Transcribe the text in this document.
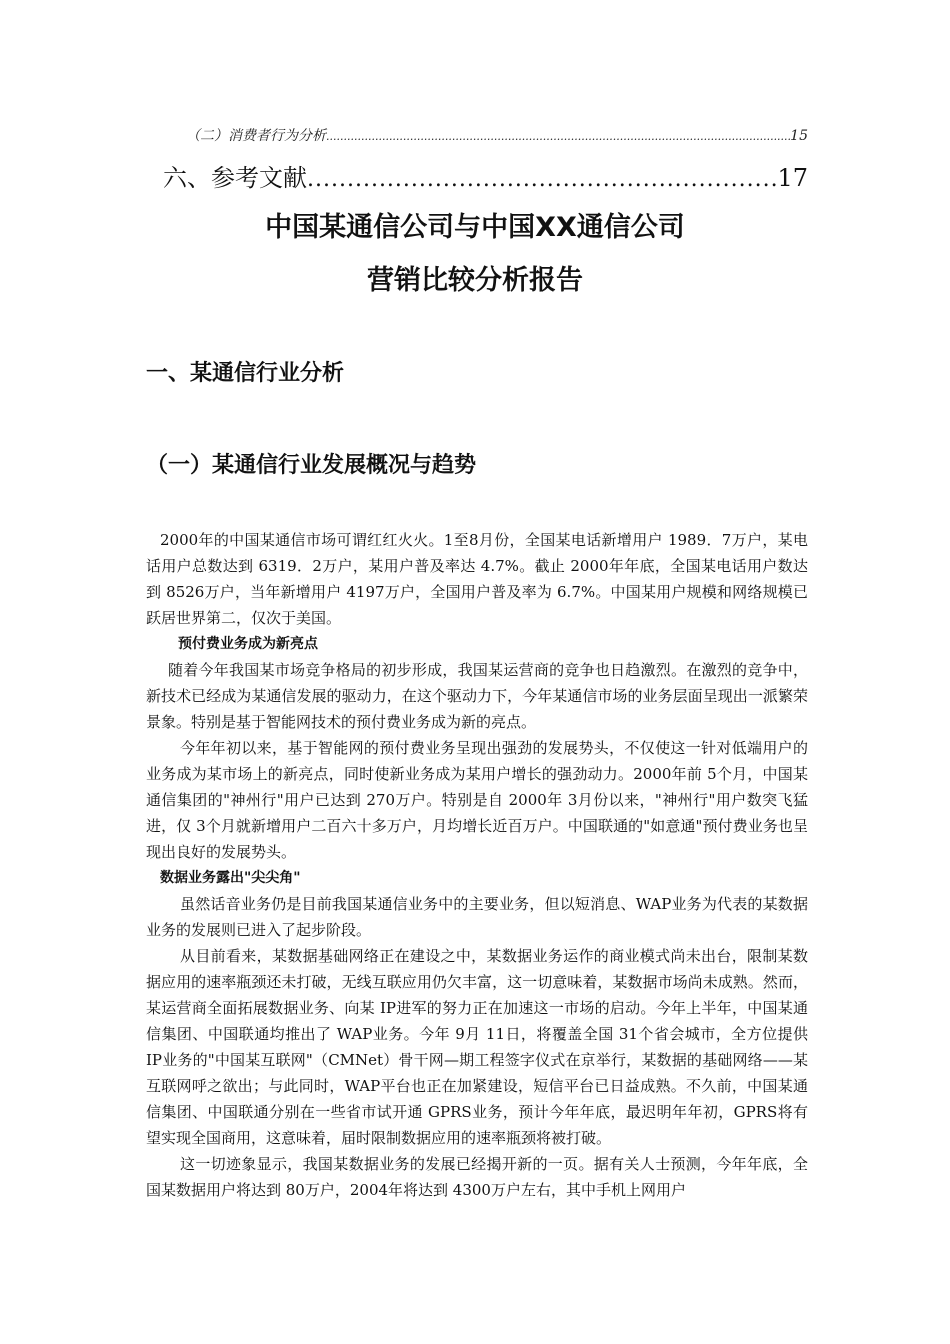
（二）消费者行为分析 .....	15
六、参考文献 .....	17
中国某通信公司与中国XX通信公司
营销比较分析报告
一、某通信行业分析
（一）某通信行业发展概况与趋势

2000年的中国某通信市场可谓红红火火。1至8月份，全国某电话新增用户 1989．7万户，某电话用户总数达到 6319．2万户，某用户普及率达 4.7%。截止 2000年年底，全国某电话用户数达到 8526万户，当年新增用户 4197万户，全国用户普及率为 6.7%。中国某用户规模和网络规模已跃居世界第二，仅次于美国。

预付费业务成为新亮点

随着今年我国某市场竞争格局的初步形成，我国某运营商的竞争也日趋激烈。在激烈的竞争中，新技术已经成为某通信发展的驱动力，在这个驱动力下，今年某通信市场的业务层面呈现出一派繁荣景象。特别是基于智能网技术的预付费业务成为新的亮点。

今年年初以来，基于智能网的预付费业务呈现出强劲的发展势头，不仅使这一针对低端用户的业务成为某市场上的新亮点，同时使新业务成为某用户增长的强劲动力。2000年前 5个月，中国某通信集团的"神州行"用户已达到 270万户。特别是自 2000年 3月份以来，"神州行"用户数突飞猛进，仅 3个月就新增用户二百六十多万户，月均增长近百万户。中国联通的"如意通"预付费业务也呈现出良好的发展势头。

数据业务露出"尖尖角"

虽然话音业务仍是目前我国某通信业务中的主要业务，但以短消息、WAP业务为代表的某数据业务的发展则已进入了起步阶段。

从目前看来，某数据基础网络正在建设之中，某数据业务运作的商业模式尚未出台，限制某数据应用的速率瓶颈还未打破，无线互联应用仍欠丰富，这一切意味着，某数据市场尚未成熟。然而，某运营商全面拓展数据业务、向某 IP进军的努力正在加速这一市场的启动。今年上半年，中国某通信集团、中国联通均推出了 WAP业务。今年 9月 11日，将覆盖全国 31个省会城市，全方位提供 IP业务的"中国某互联网"（CMNet）骨干网—期工程签字仪式在京举行，某数据的基础网络——某互联网呼之欲出；与此同时，WAP平台也正在加紧建设，短信平台已日益成熟。不久前，中国某通信集团、中国联通分别在一些省市试开通 GPRS业务，预计今年年底，最迟明年年初，GPRS将有望实现全国商用，这意味着，届时限制数据应用的速率瓶颈将被打破。

这一切迹象显示，我国某数据业务的发展已经揭开新的一页。据有关人士预测，今年年底，全国某数据用户将达到 80万户，2004年将达到 4300万户左右，其中手机上网用户
